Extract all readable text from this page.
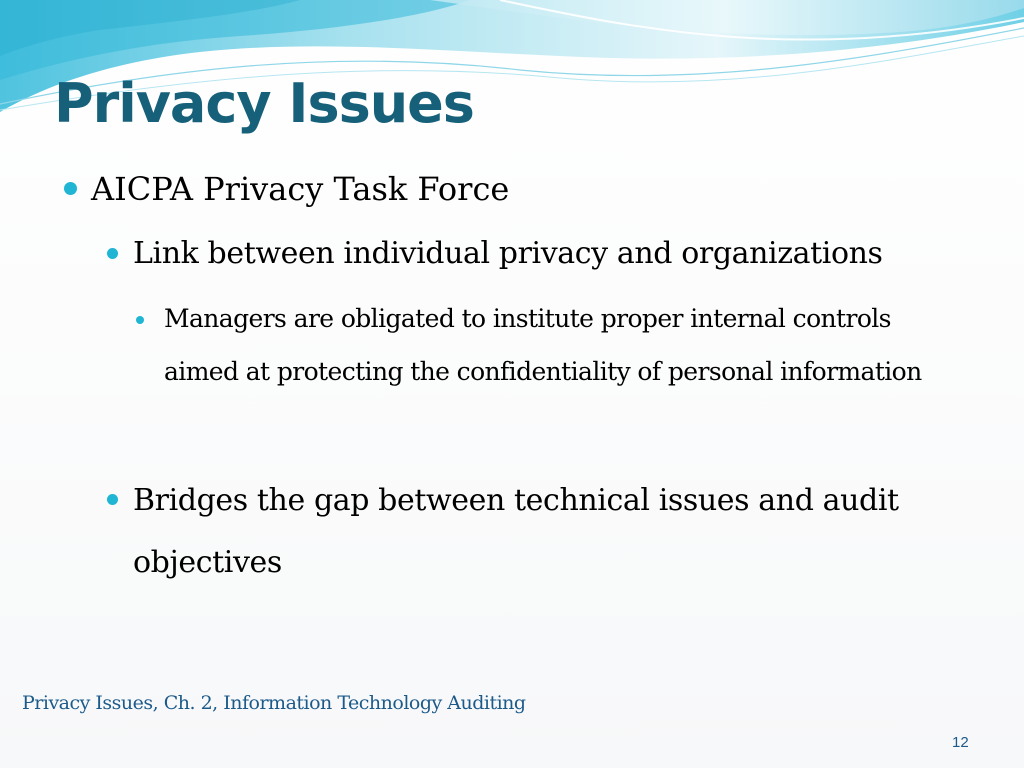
Privacy Issues
AICPA Privacy Task Force
Link between individual privacy and organizations
Managers are obligated to institute proper internal controls aimed at protecting the confidentiality of personal information
Bridges the gap between technical issues and audit objectives

Privacy Issues, Ch. 2, Information Technology Auditing

12
